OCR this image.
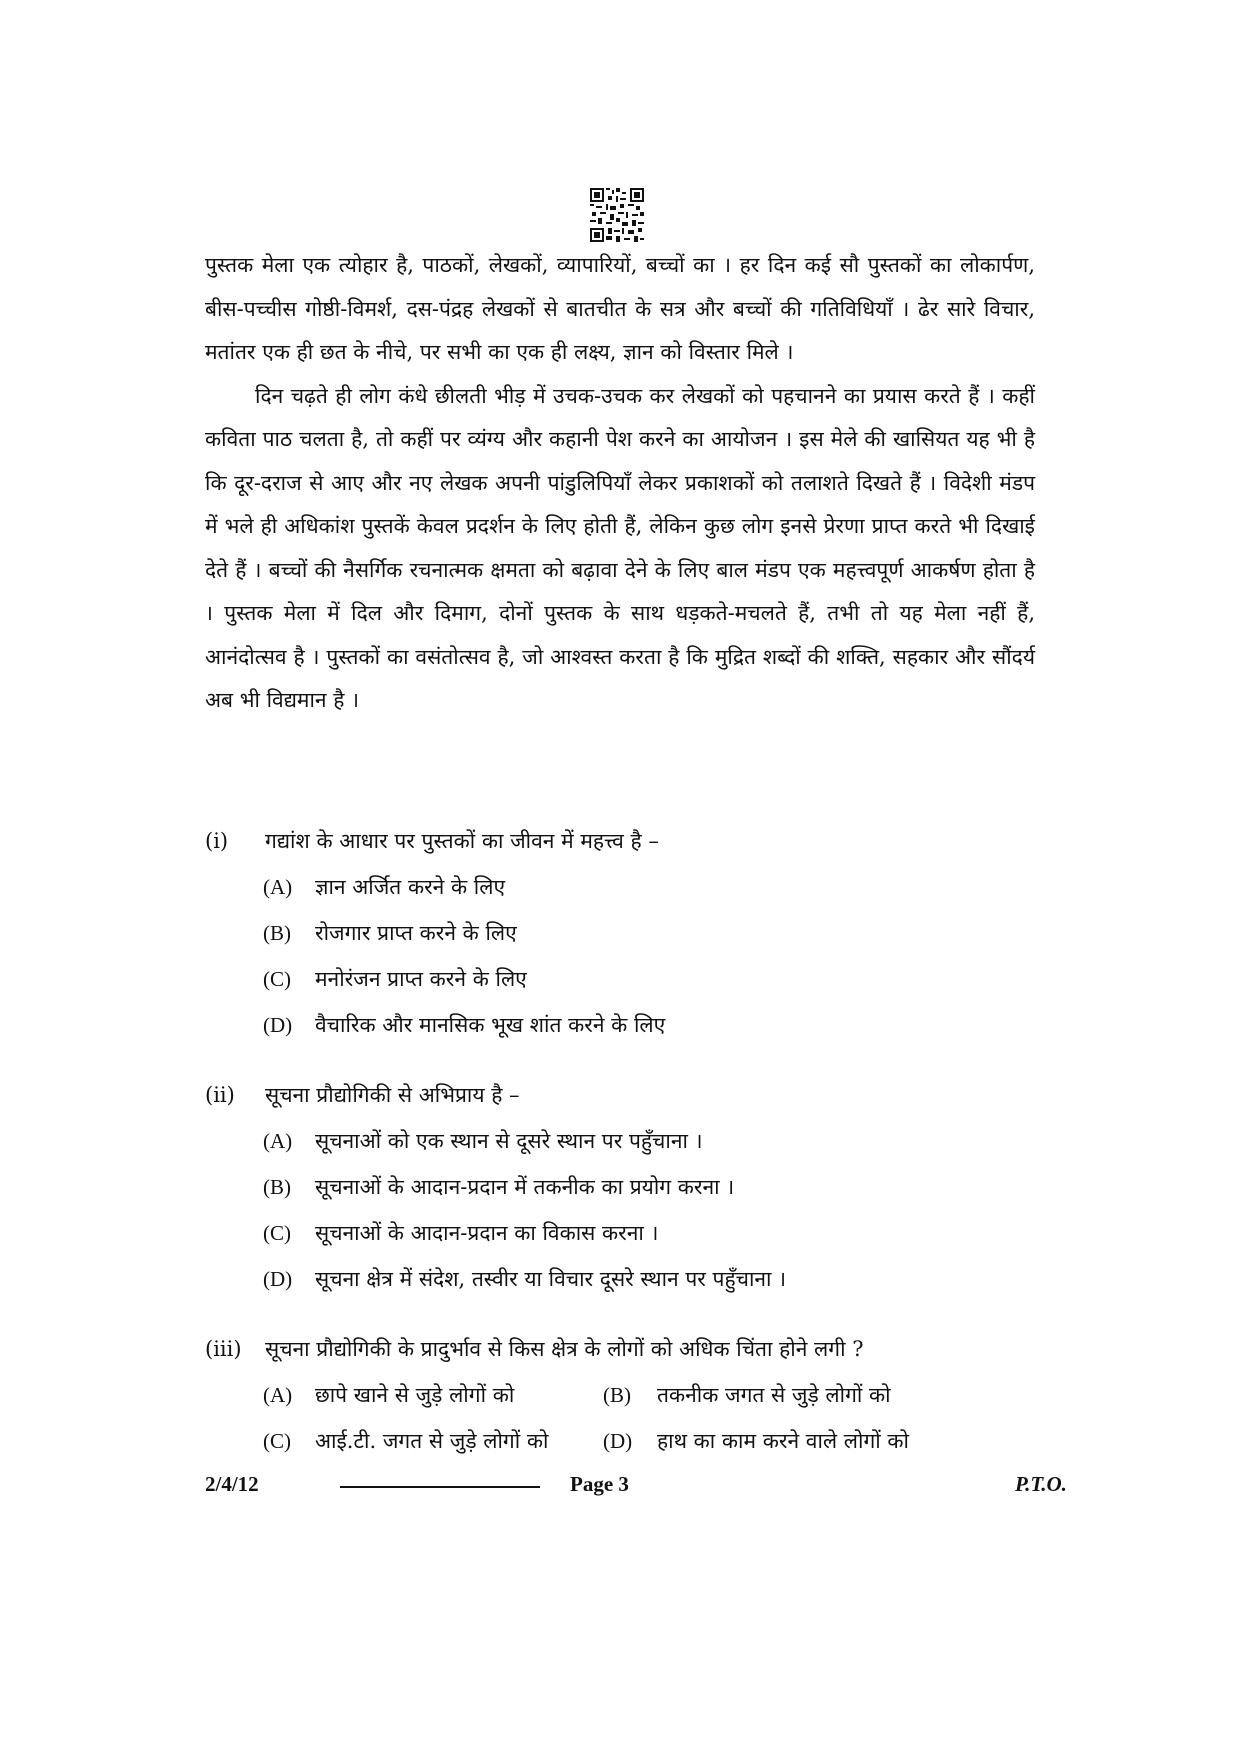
पुस्तक मेला एक त्योहार है, पाठकों, लेखकों, व्यापारियों, बच्चों का । हर दिन कई सौ पुस्तकों का लोकार्पण, बीस-पच्चीस गोष्ठी-विमर्श, दस-पंद्रह लेखकों से बातचीत के सत्र और बच्चों की गतिविधियाँ । ढेर सारे विचार, मतांतर एक ही छत के नीचे, पर सभी का एक ही लक्ष्य, ज्ञान को विस्तार मिले ।

दिन चढ़ते ही लोग कंधे छीलती भीड़ में उचक-उचक कर लेखकों को पहचानने का प्रयास करते हैं । कहीं कविता पाठ चलता है, तो कहीं पर व्यंग्य और कहानी पेश करने का आयोजन । इस मेले की खासियत यह भी है कि दूर-दराज से आए और नए लेखक अपनी पांडुलिपियाँ लेकर प्रकाशकों को तलाशते दिखते हैं । विदेशी मंडप में भले ही अधिकांश पुस्तकें केवल प्रदर्शन के लिए होती हैं, लेकिन कुछ लोग इनसे प्रेरणा प्राप्त करते भी दिखाई देते हैं । बच्चों की नैसर्गिक रचनात्मक क्षमता को बढ़ावा देने के लिए बाल मंडप एक महत्त्वपूर्ण आकर्षण होता है । पुस्तक मेला में दिल और दिमाग, दोनों पुस्तक के साथ धड़कते-मचलते हैं, तभी तो यह मेला नहीं हैं, आनंदोत्सव है । पुस्तकों का वसंतोत्सव है, जो आश्वस्त करता है कि मुद्रित शब्दों की शक्ति, सहकार और सौंदर्य अब भी विद्यमान है ।

(i) गद्यांश के आधार पर पुस्तकों का जीवन में महत्त्व है –
(A) ज्ञान अर्जित करने के लिए
(B) रोजगार प्राप्त करने के लिए
(C) मनोरंजन प्राप्त करने के लिए
(D) वैचारिक और मानसिक भूख शांत करने के लिए
(ii) सूचना प्रौद्योगिकी से अभिप्राय है –
(A) सूचनाओं को एक स्थान से दूसरे स्थान पर पहुँचाना ।
(B) सूचनाओं के आदान-प्रदान में तकनीक का प्रयोग करना ।
(C) सूचनाओं के आदान-प्रदान का विकास करना ।
(D) सूचना क्षेत्र में संदेश, तस्वीर या विचार दूसरे स्थान पर पहुँचाना ।
(iii) सूचना प्रौद्योगिकी के प्रादुर्भाव से किस क्षेत्र के लोगों को अधिक चिंता होने लगी ?
(A) छापे खाने से जुड़े लोगों को	(B) तकनीक जगत से जुड़े लोगों को
(C) आई.टी. जगत से जुड़े लोगों को	(D) हाथ का काम करने वाले लोगों को
2/4/12	Page 3	P.T.O.
